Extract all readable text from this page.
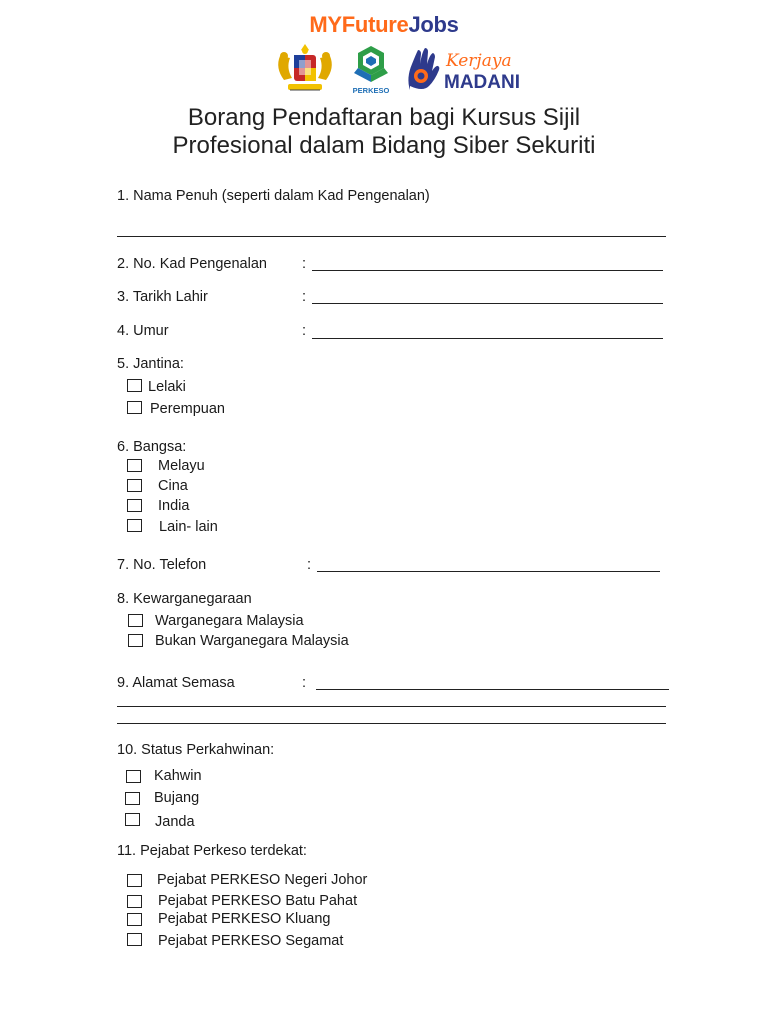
MYFutureJobs
PERKESO
Kerjaya
MADANI
Borang Pendaftaran bagi Kursus Sijil
Profesional dalam Bidang Siber Sekuriti
1. Nama Penuh (seperti dalam Kad Pengenalan)
2. No. Kad Pengenalan :
3. Tarikh Lahir	:
4. Umur	:
5. Jantina:
Lelaki
Perempuan
6. Bangsa:
Melayu
Cina
India
Lain- lain
7. No. Telefon	:
8. Kewarganegaraan
Warganegara Malaysia
Bukan Warganegara Malaysia
9. Alamat Semasa	:
10. Status Perkahwinan:
Kahwin
Bujang
Janda
11. Pejabat Perkeso terdekat:
Pejabat PERKESO Negeri Johor
Pejabat PERKESO Batu Pahat
Pejabat PERKESO Kluang
Pejabat PERKESO Segamat
